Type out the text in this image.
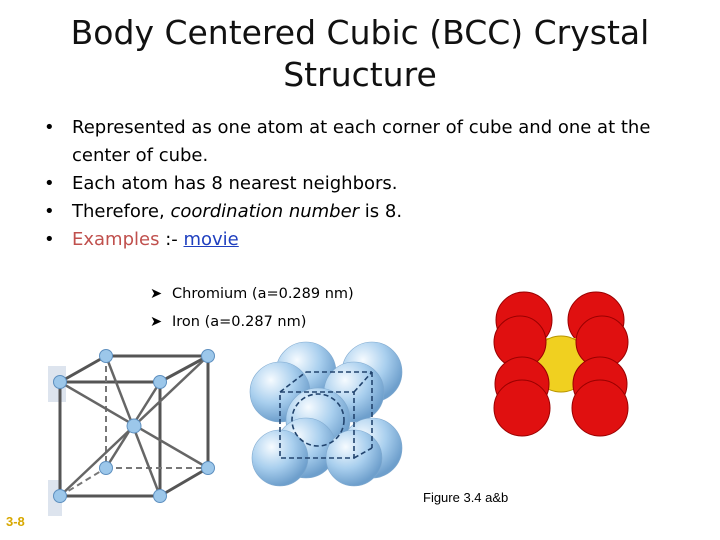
Body Centered Cubic (BCC) Crystal Structure
• Represented as one atom at each corner of cube and one at the center of cube.
• Each atom has 8 nearest neighbors.
• Therefore, coordination number is 8.
• Examples :- movie
➤ Chromium (a=0.289 nm)
➤ Iron (a=0.287 nm)
Figure 3.4 a&b
3-8
